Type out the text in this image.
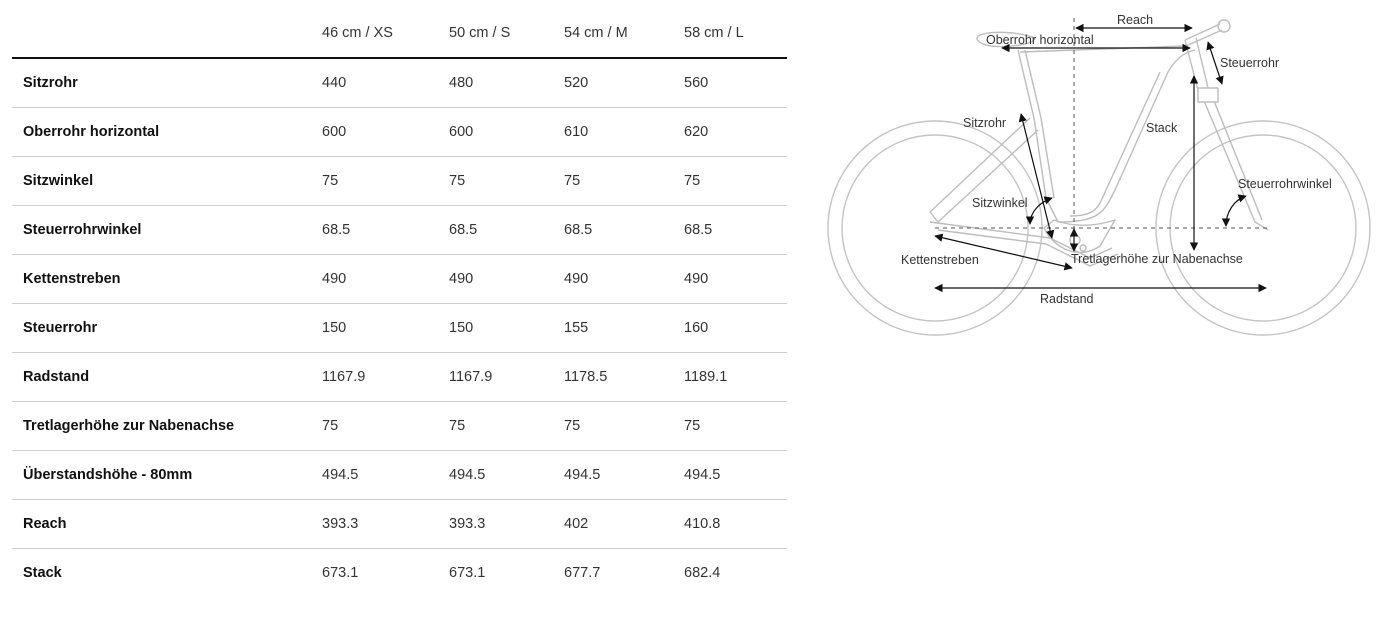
	46 cm / XS	50 cm / S	54 cm / M	58 cm / L
Sitzrohr	440	480	520	560
Oberrohr horizontal	600	600	610	620
Sitzwinkel	75	75	75	75
Steuerrohrwinkel	68.5	68.5	68.5	68.5
Kettenstreben	490	490	490	490
Steuerrohr	150	150	155	160
Radstand	1167.9	1167.9	1178.5	1189.1
Tretlagerhöhe zur Nabenachse	75	75	75	75
Überstandshöhe - 80mm	494.5	494.5	494.5	494.5
Reach	393.3	393.3	402	410.8
Stack	673.1	673.1	677.7	682.4
Reach
Oberrohr horizontal
Steuerrohr
Sitzrohr	Stack
Sitzwinkel
Steuerrohrwinkel
Kettenstreben	Tretlagerhöhe zur Nabenachse
Radstand
